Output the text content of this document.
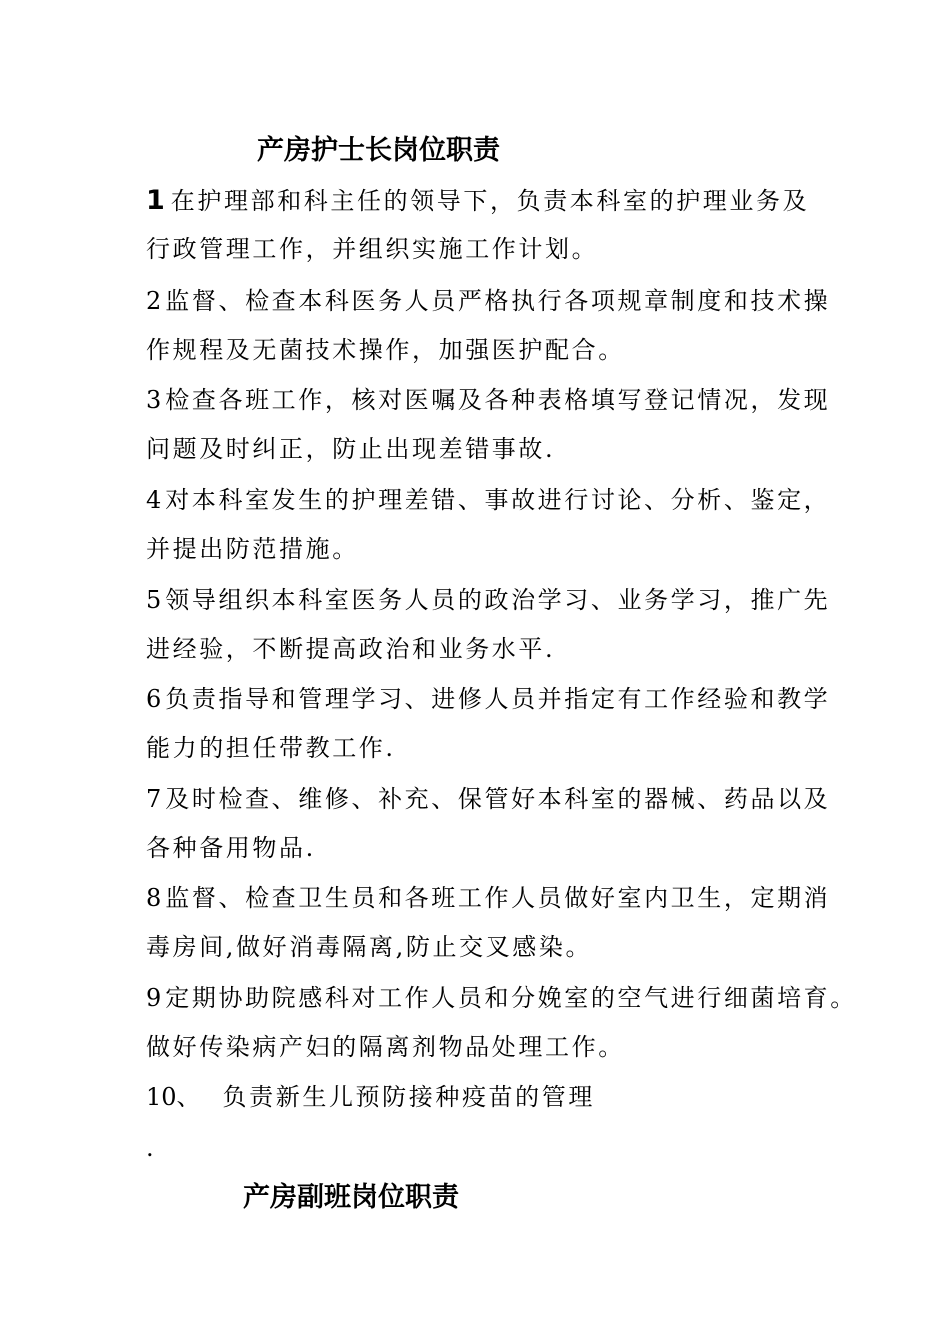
产房护士长岗位职责
1 在护理部和科主任的领导下，负责本科室的护理业务及
行政管理工作，并组织实施工作计划。
2 监督、检查本科医务人员严格执行各项规章制度和技术操
作规程及无菌技术操作，加强医护配合。
3 检查各班工作，核对医嘱及各种表格填写登记情况，发现
问题及时纠正，防止出现差错事故.
4 对本科室发生的护理差错、事故进行讨论、分析、鉴定，
并提出防范措施。
5 领导组织本科室医务人员的政治学习、业务学习，推广先
进经验，不断提高政治和业务水平.
6 负责指导和管理学习、进修人员并指定有工作经验和教学
能力的担任带教工作.
7 及时检查、维修、补充、保管好本科室的器械、药品以及
各种备用物品.
8 监督、检查卫生员和各班工作人员做好室内卫生，定期消
毒房间,做好消毒隔离,防止交叉感染。
9 定期协助院感科对工作人员和分娩室的空气进行细菌培育。
做好传染病产妇的隔离剂物品处理工作。
10、 负责新生儿预防接种疫苗的管理
.
产房副班岗位职责
